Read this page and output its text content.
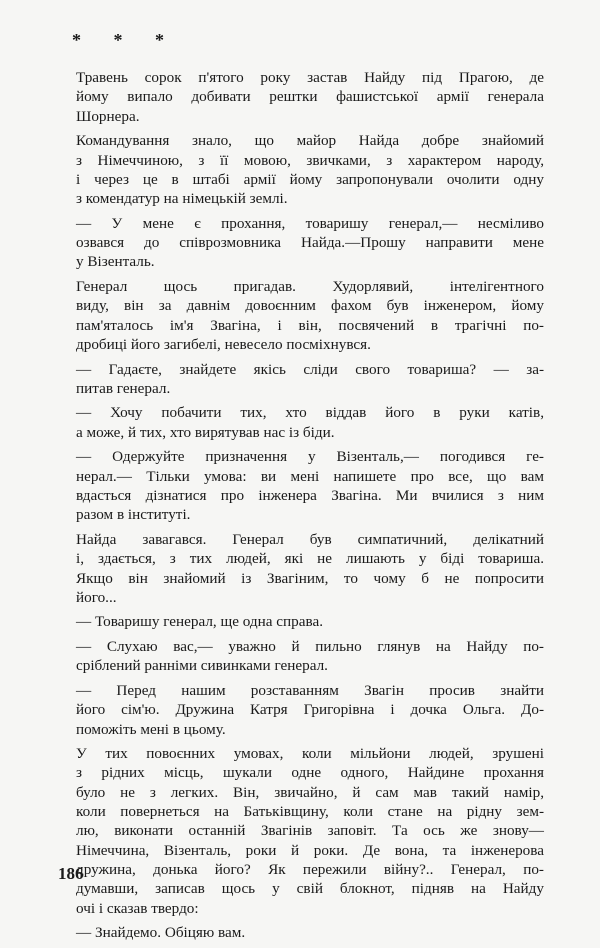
* * *
Травень сорок п'ятого року застав Найду під Прагою, де
йому випало добивати рештки фашистської армії генерала
Шорнера.
Командування знало, що майор Найда добре знайомий
з Німеччиною, з її мовою, звичками, з характером народу,
і через це в штабі армії йому запропонували очолити одну
з комендатур на німецькій землі.
— У мене є прохання, товаришу генерал,— несміливо
озвався до співрозмовника Найда.—Прошу направити мене
у Візенталь.
Генерал щось пригадав. Худорлявий, інтелігентного
виду, він за давнім довоєнним фахом був інженером, йому
пам'яталось ім'я Звагіна, і він, посвячений в трагічні по-
дробиці його загибелі, невесело посміхнувся.
— Гадаєте, знайдете якісь сліди свого товариша? — за-
питав генерал.
— Хочу побачити тих, хто віддав його в руки катів,
а може, й тих, хто вирятував нас із біди.
— Одержуйте призначення у Візенталь,— погодився ге-
нерал.— Тільки умова: ви мені напишете про все, що вам
вдасться дізнатися про інженера Звагіна. Ми вчилися з ним
разом в інституті.
Найда завагався. Генерал був симпатичний, делікатний
і, здається, з тих людей, які не лишають у біді товариша.
Якщо він знайомий із Звагіним, то чому б не попросити
його...
— Товаришу генерал, ще одна справа.
— Слухаю вас,— уважно й пильно глянув на Найду по-
сріблений ранніми сивинками генерал.
— Перед нашим розставанням Звагін просив знайти
його сім'ю. Дружина Катря Григорівна і дочка Ольга. До-
поможіть мені в цьому.
У тих повоєнних умовах, коли мільйони людей, зрушені
з рідних місць, шукали одне одного, Найдине прохання
було не з легких. Він, звичайно, й сам мав такий намір,
коли повернеться на Батьківщину, коли стане на рідну зем-
лю, виконати останній Звагінів заповіт. Та ось же знову—
Німеччина, Візенталь, роки й роки. Де вона, та інженерова
дружина, донька його? Як пережили війну?.. Генерал, по-
думавши, записав щось у свій блокнот, підняв на Найду
очі і сказав твердо:
— Знайдемо. Обіцяю вам.
186
